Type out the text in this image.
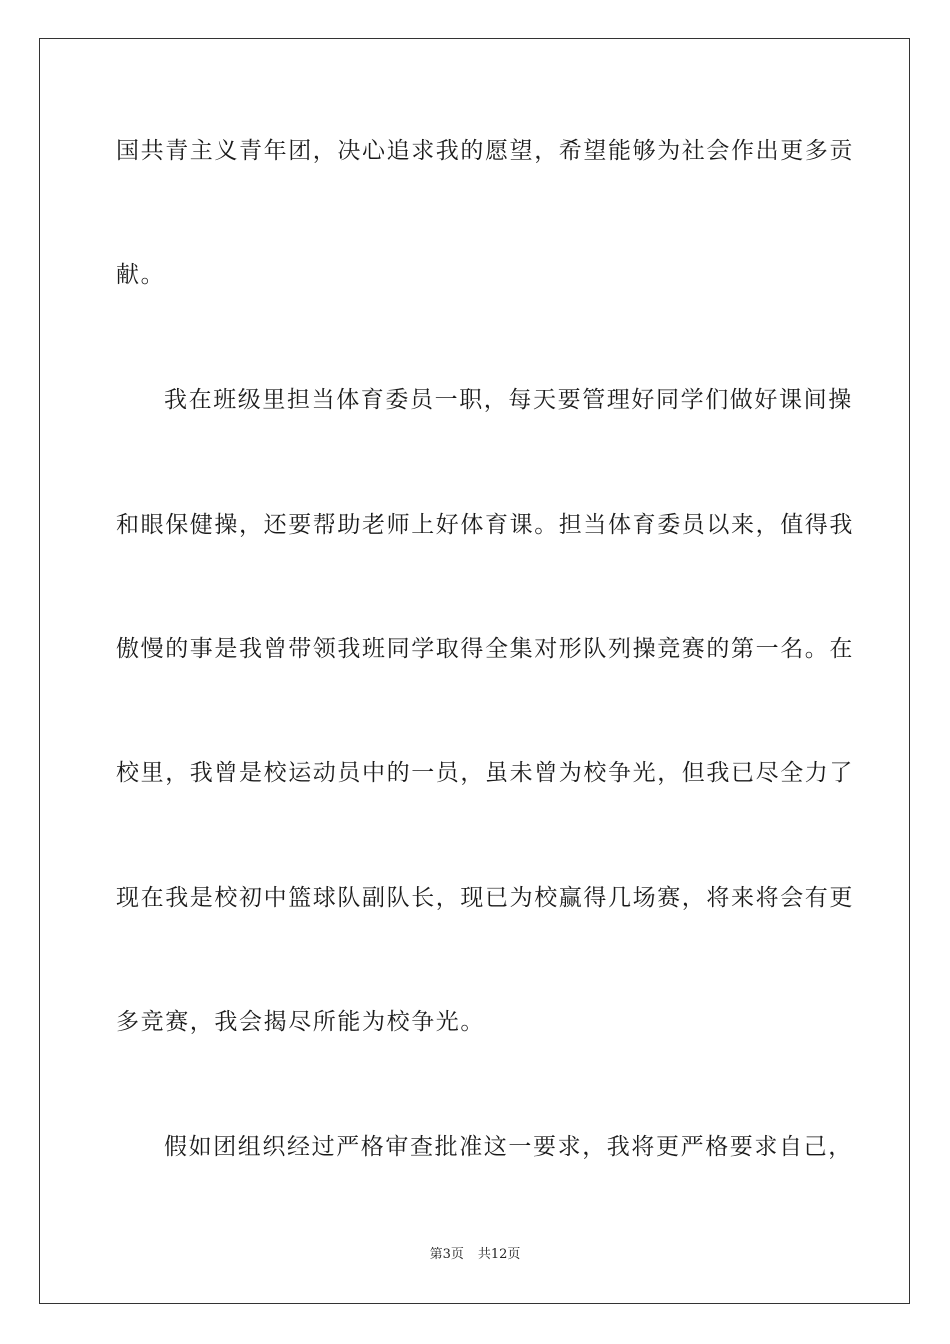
国共青主义青年团，决心追求我的愿望，希望能够为社会作出更多贡
献。
我在班级里担当体育委员一职，每天要管理好同学们做好课间操
和眼保健操，还要帮助老师上好体育课。担当体育委员以来，值得我
傲慢的事是我曾带领我班同学取得全集对形队列操竞赛的第一名。在
校里，我曾是校运动员中的一员，虽未曾为校争光，但我已尽全力了
现在我是校初中篮球队副队长，现已为校赢得几场赛，将来将会有更
多竞赛，我会揭尽所能为校争光。
假如团组织经过严格审查批准这一要求，我将更严格要求自己，
第3页 共12页
